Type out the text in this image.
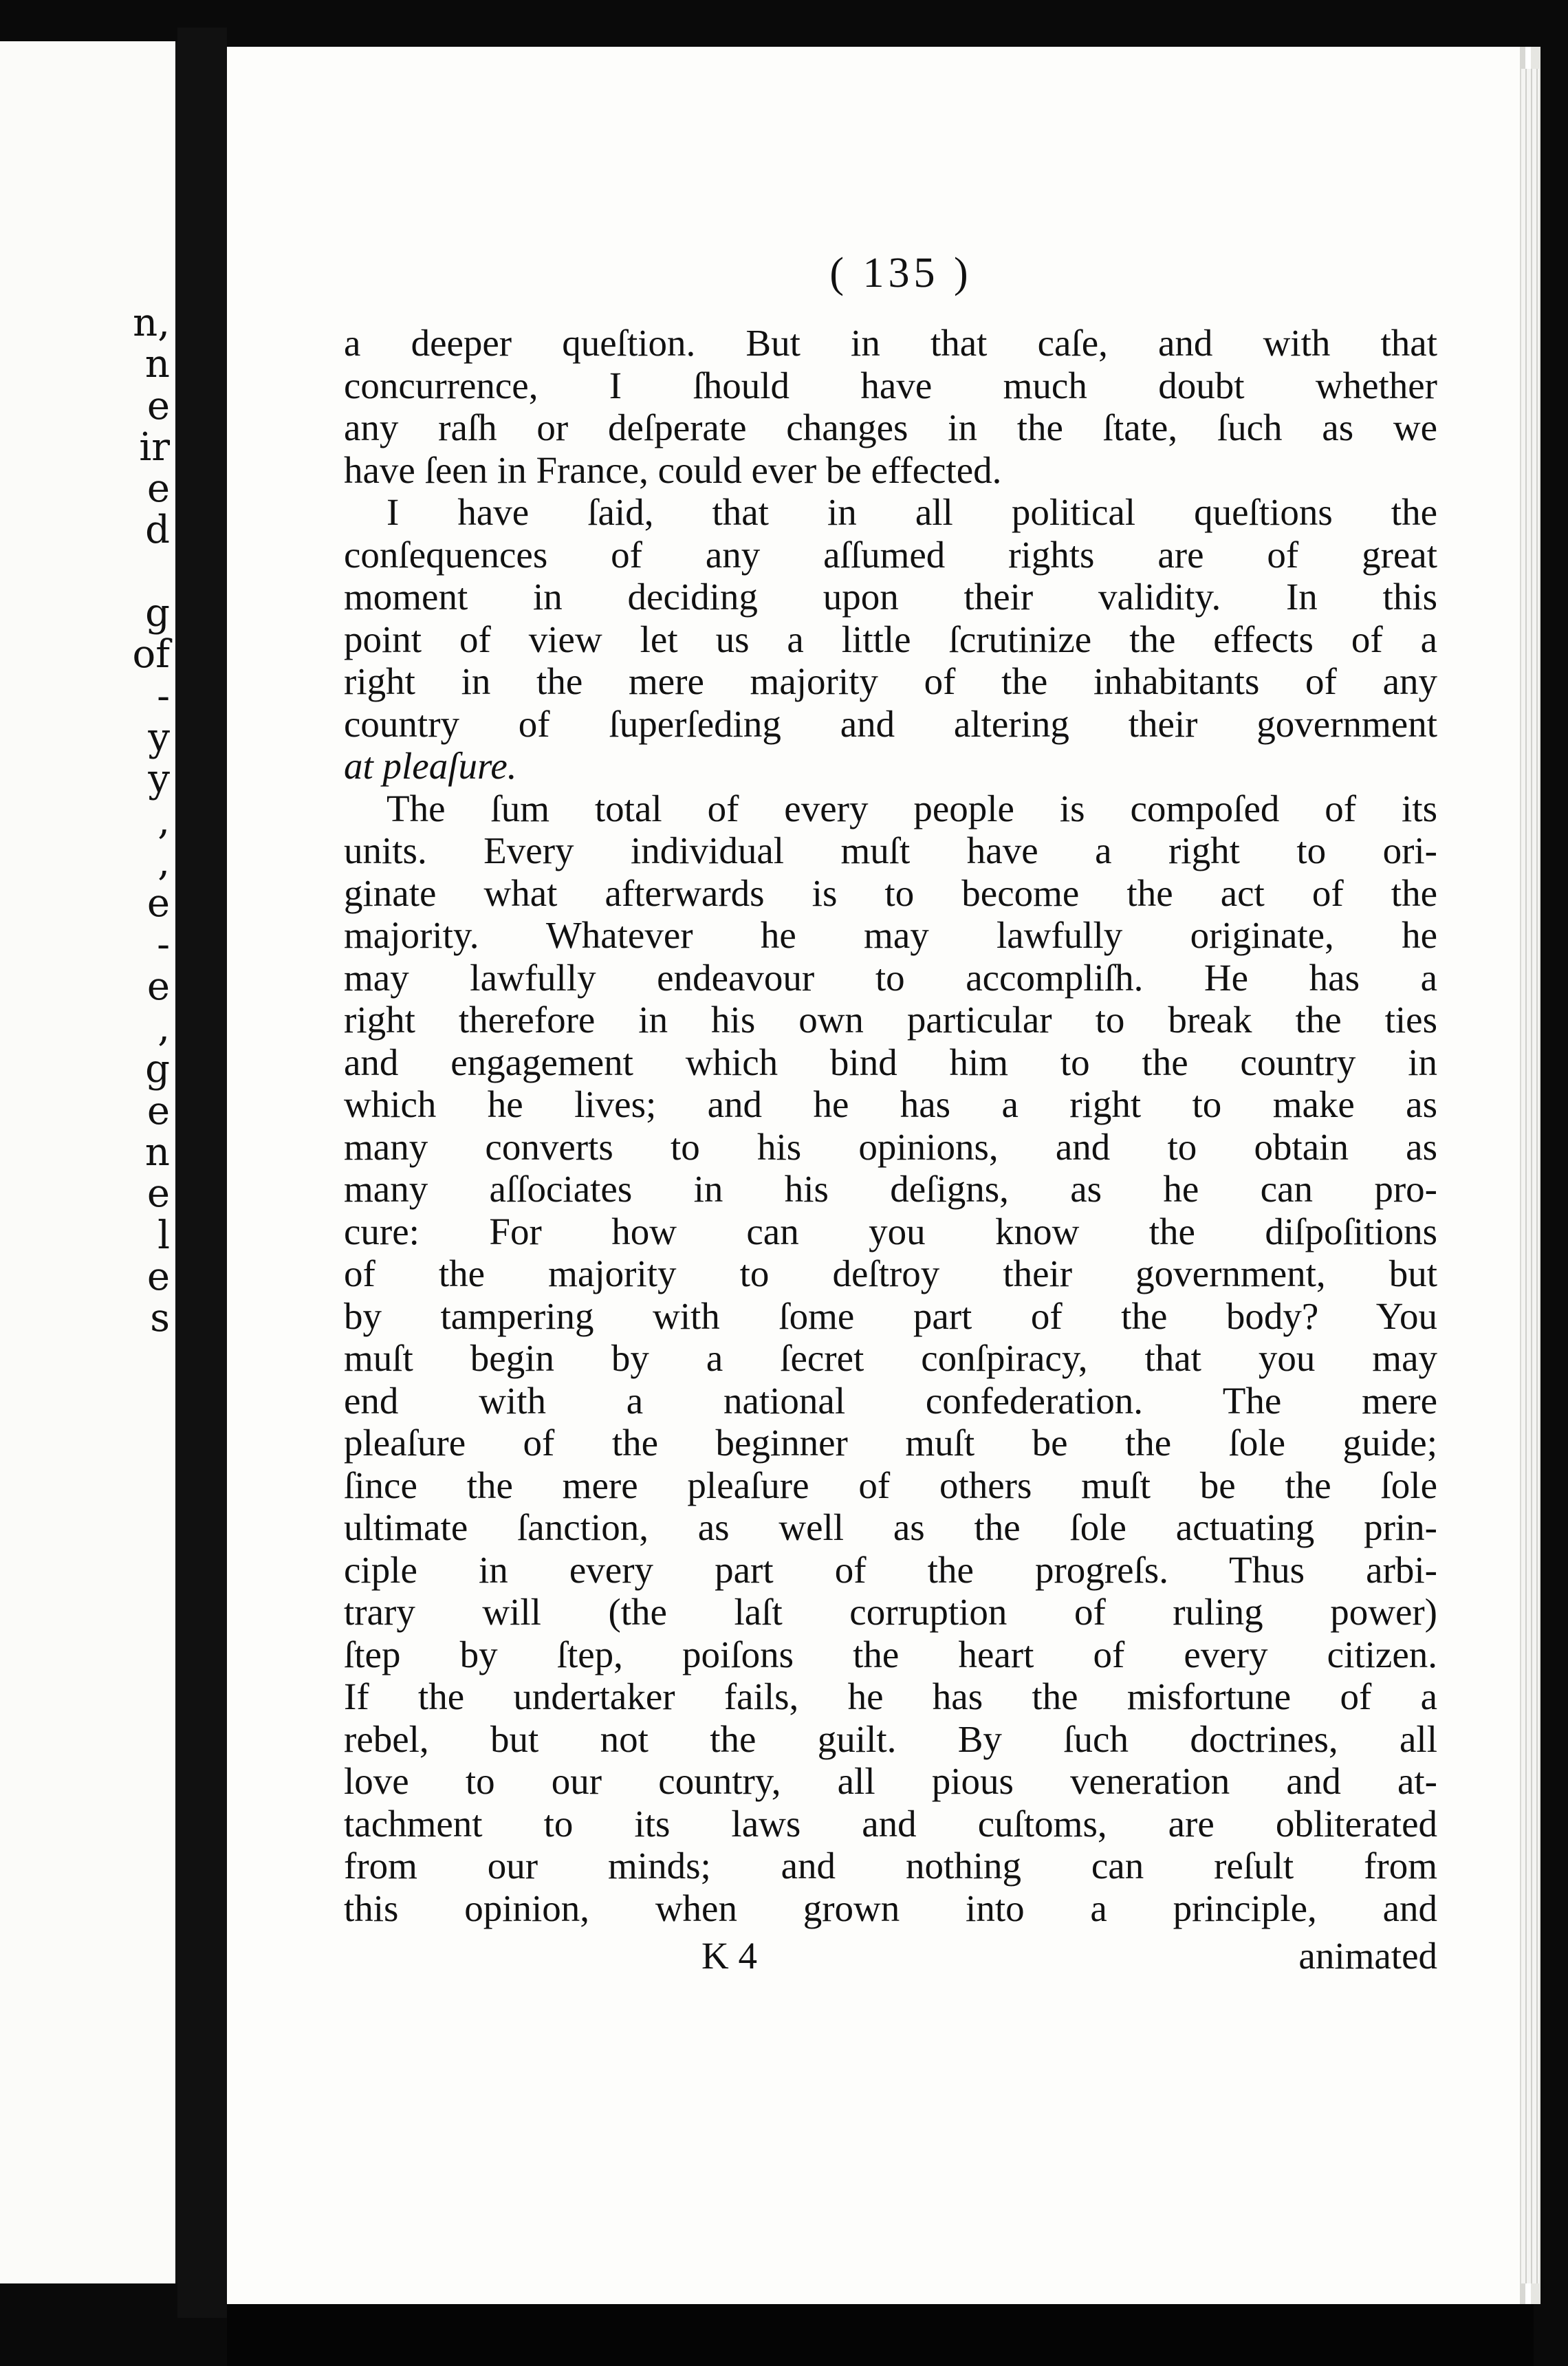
n,
n
e
ir
e
d
g
of
-
y
y
,
,
e
-
e
,
g
e
n
e
l
e
s
( 135 )
a deeper queſtion. But in that caſe, and with that
concurrence, I ſhould have much doubt whether
any raſh or deſperate changes in the ſtate, ſuch as we
have ſeen in France, could ever be effected.
I have ſaid, that in all political queſtions the
conſequences of any aſſumed rights are of great
moment in deciding upon their validity. In this
point of view let us a little ſcrutinize the effects of a
right in the mere majority of the inhabitants of any
country of ſuperſeding and altering their government
at pleaſure.
The ſum total of every people is compoſed of its
units. Every individual muſt have a right to ori-
ginate what afterwards is to become the act of the
majority. Whatever he may lawfully originate, he
may lawfully endeavour to accompliſh. He has a
right therefore in his own particular to break the ties
and engagement which bind him to the country in
which he lives; and he has a right to make as
many converts to his opinions, and to obtain as
many aſſociates in his deſigns, as he can pro-
cure: For how can you know the diſpoſitions
of the majority to deſtroy their government, but
by tampering with ſome part of the body? You
muſt begin by a ſecret conſpiracy, that you may
end with a national confederation. The mere
pleaſure of the beginner muſt be the ſole guide;
ſince the mere pleaſure of others muſt be the ſole
ultimate ſanction, as well as the ſole actuating prin-
ciple in every part of the progreſs. Thus arbi-
trary will (the laſt corruption of ruling power)
ſtep by ſtep, poiſons the heart of every citizen.
If the undertaker fails, he has the misfortune of a
rebel, but not the guilt. By ſuch doctrines, all
love to our country, all pious veneration and at-
tachment to its laws and cuſtoms, are obliterated
from our minds; and nothing can reſult from
this opinion, when grown into a principle, and
K 4	animated
